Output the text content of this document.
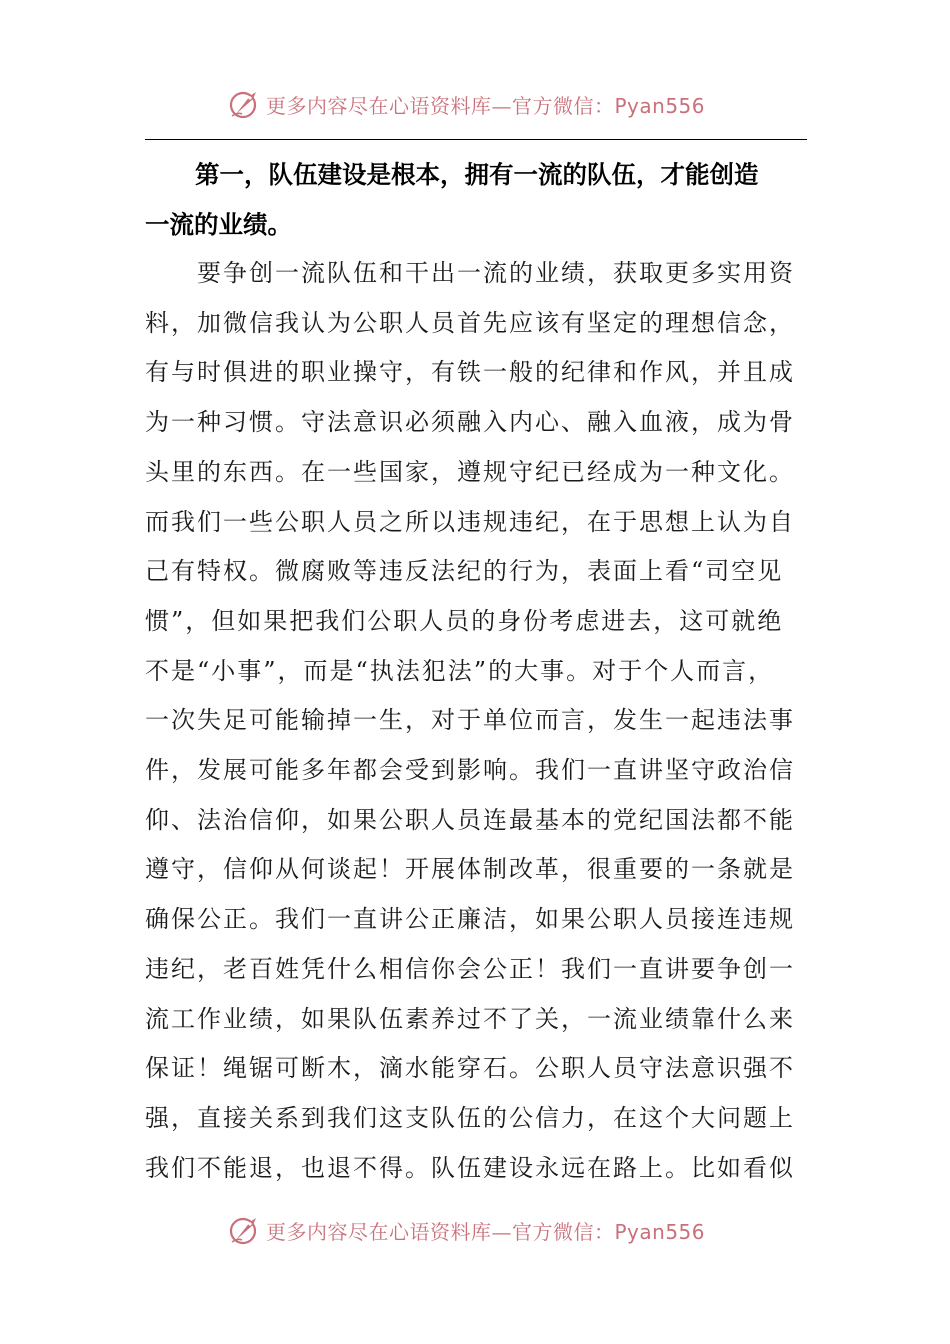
更多内容尽在心语资料库—官方微信：Pyan556
第一，队伍建设是根本，拥有一流的队伍，才能创造
一流的业绩。
要争创一流队伍和干出一流的业绩，获取更多实用资
料，加微信我认为公职人员首先应该有坚定的理想信念，
有与时俱进的职业操守，有铁一般的纪律和作风，并且成
为一种习惯。守法意识必须融入内心、融入血液，成为骨
头里的东西。在一些国家，遵规守纪已经成为一种文化。
而我们一些公职人员之所以违规违纪，在于思想上认为自
己有特权。微腐败等违反法纪的行为，表面上看“司空见
惯”，但如果把我们公职人员的身份考虑进去，这可就绝
不是“小事”，而是“执法犯法”的大事。对于个人而言，
一次失足可能输掉一生，对于单位而言，发生一起违法事
件，发展可能多年都会受到影响。我们一直讲坚守政治信
仰、法治信仰，如果公职人员连最基本的党纪国法都不能
遵守，信仰从何谈起！开展体制改革，很重要的一条就是
确保公正。我们一直讲公正廉洁，如果公职人员接连违规
违纪，老百姓凭什么相信你会公正！我们一直讲要争创一
流工作业绩，如果队伍素养过不了关，一流业绩靠什么来
保证！绳锯可断木，滴水能穿石。公职人员守法意识强不
强，直接关系到我们这支队伍的公信力，在这个大问题上
我们不能退，也退不得。队伍建设永远在路上。比如看似
更多内容尽在心语资料库—官方微信：Pyan556
